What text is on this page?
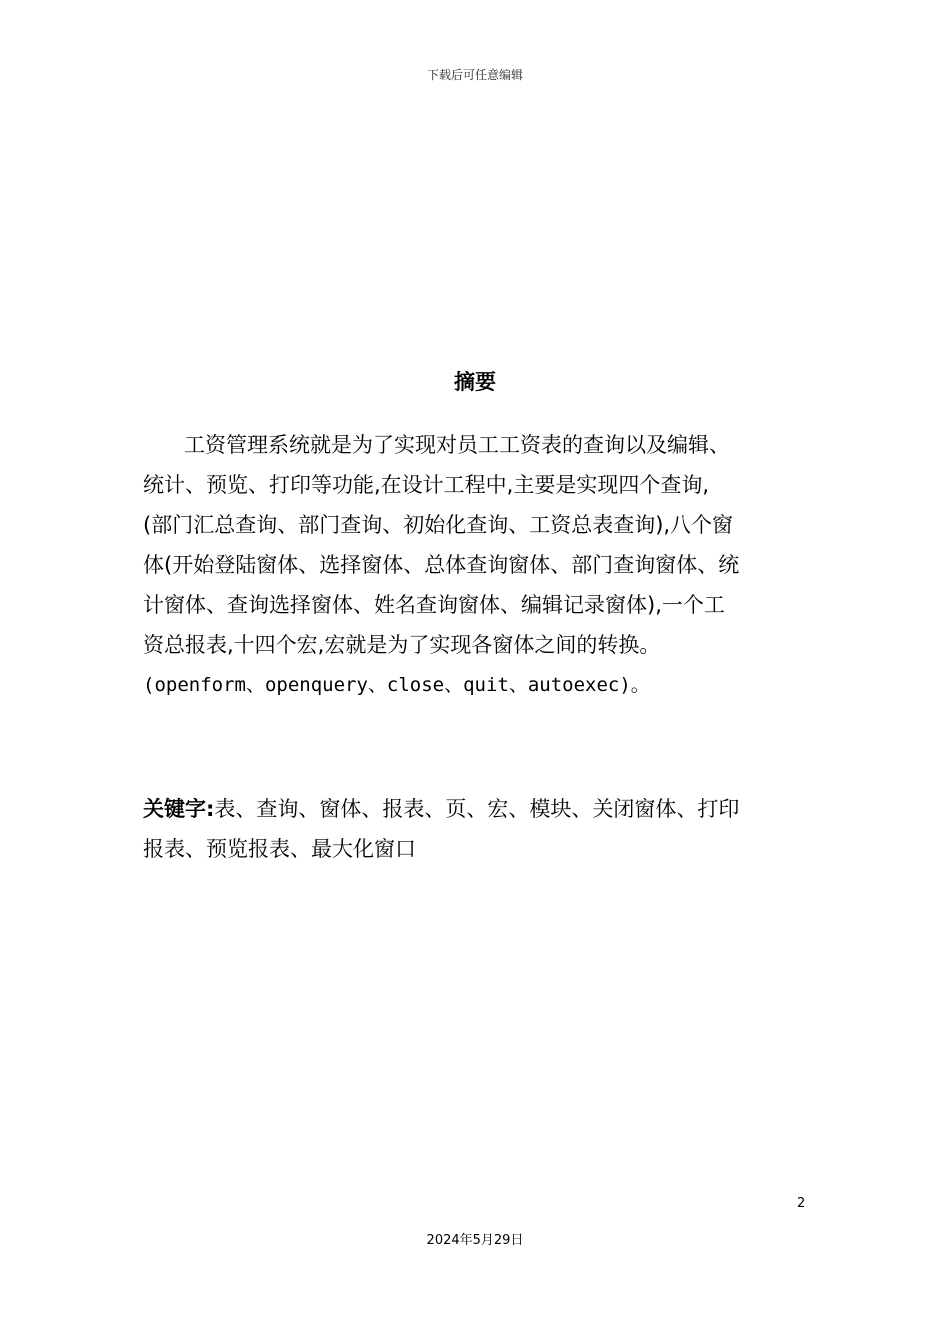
下载后可任意编辑
摘要
工资管理系统就是为了实现对员工工资表的查询以及编辑、
统计、预览、打印等功能,在设计工程中,主要是实现四个查询,
(部门汇总查询、部门查询、初始化查询、工资总表查询),八个窗
体(开始登陆窗体、选择窗体、总体查询窗体、部门查询窗体、统
计窗体、查询选择窗体、姓名查询窗体、编辑记录窗体),一个工
资总报表,十四个宏,宏就是为了实现各窗体之间的转换。
(openform、openquery、close、quit、autoexec)。
关键字:表、查询、窗体、报表、页、宏、模块、关闭窗体、打印
报表、预览报表、最大化窗口
2
2024年5月29日
